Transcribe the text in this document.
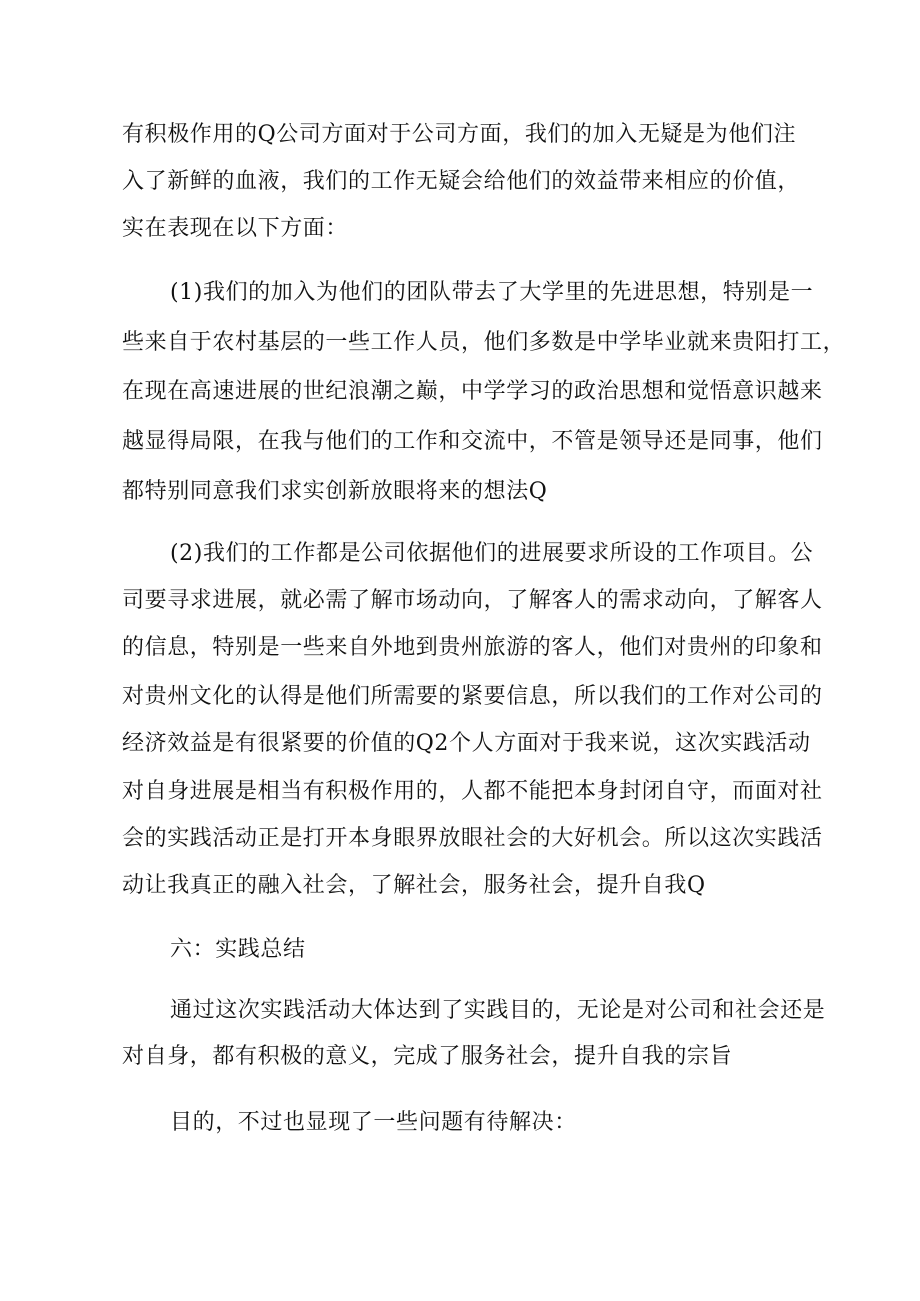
有积极作用的Q公司方面对于公司方面，我们的加入无疑是为他们注
入了新鲜的血液，我们的工作无疑会给他们的效益带来相应的价值，
实在表现在以下方面：
(1)我们的加入为他们的团队带去了大学里的先进思想，特别是一
些来自于农村基层的一些工作人员，他们多数是中学毕业就来贵阳打工，
在现在高速进展的世纪浪潮之巅，中学学习的政治思想和觉悟意识越来
越显得局限，在我与他们的工作和交流中，不管是领导还是同事，他们
都特别同意我们求实创新放眼将来的想法Q
(2)我们的工作都是公司依据他们的进展要求所设的工作项目。公
司要寻求进展，就必需了解市场动向，了解客人的需求动向，了解客人
的信息，特别是一些来自外地到贵州旅游的客人，他们对贵州的印象和
对贵州文化的认得是他们所需要的紧要信息，所以我们的工作对公司的
经济效益是有很紧要的价值的Q2个人方面对于我来说，这次实践活动
对自身进展是相当有积极作用的，人都不能把本身封闭自守，而面对社
会的实践活动正是打开本身眼界放眼社会的大好机会。所以这次实践活
动让我真正的融入社会，了解社会，服务社会，提升自我Q
六：实践总结
通过这次实践活动大体达到了实践目的，无论是对公司和社会还是
对自身，都有积极的意义，完成了服务社会，提升自我的宗旨
目的，不过也显现了一些问题有待解决：
